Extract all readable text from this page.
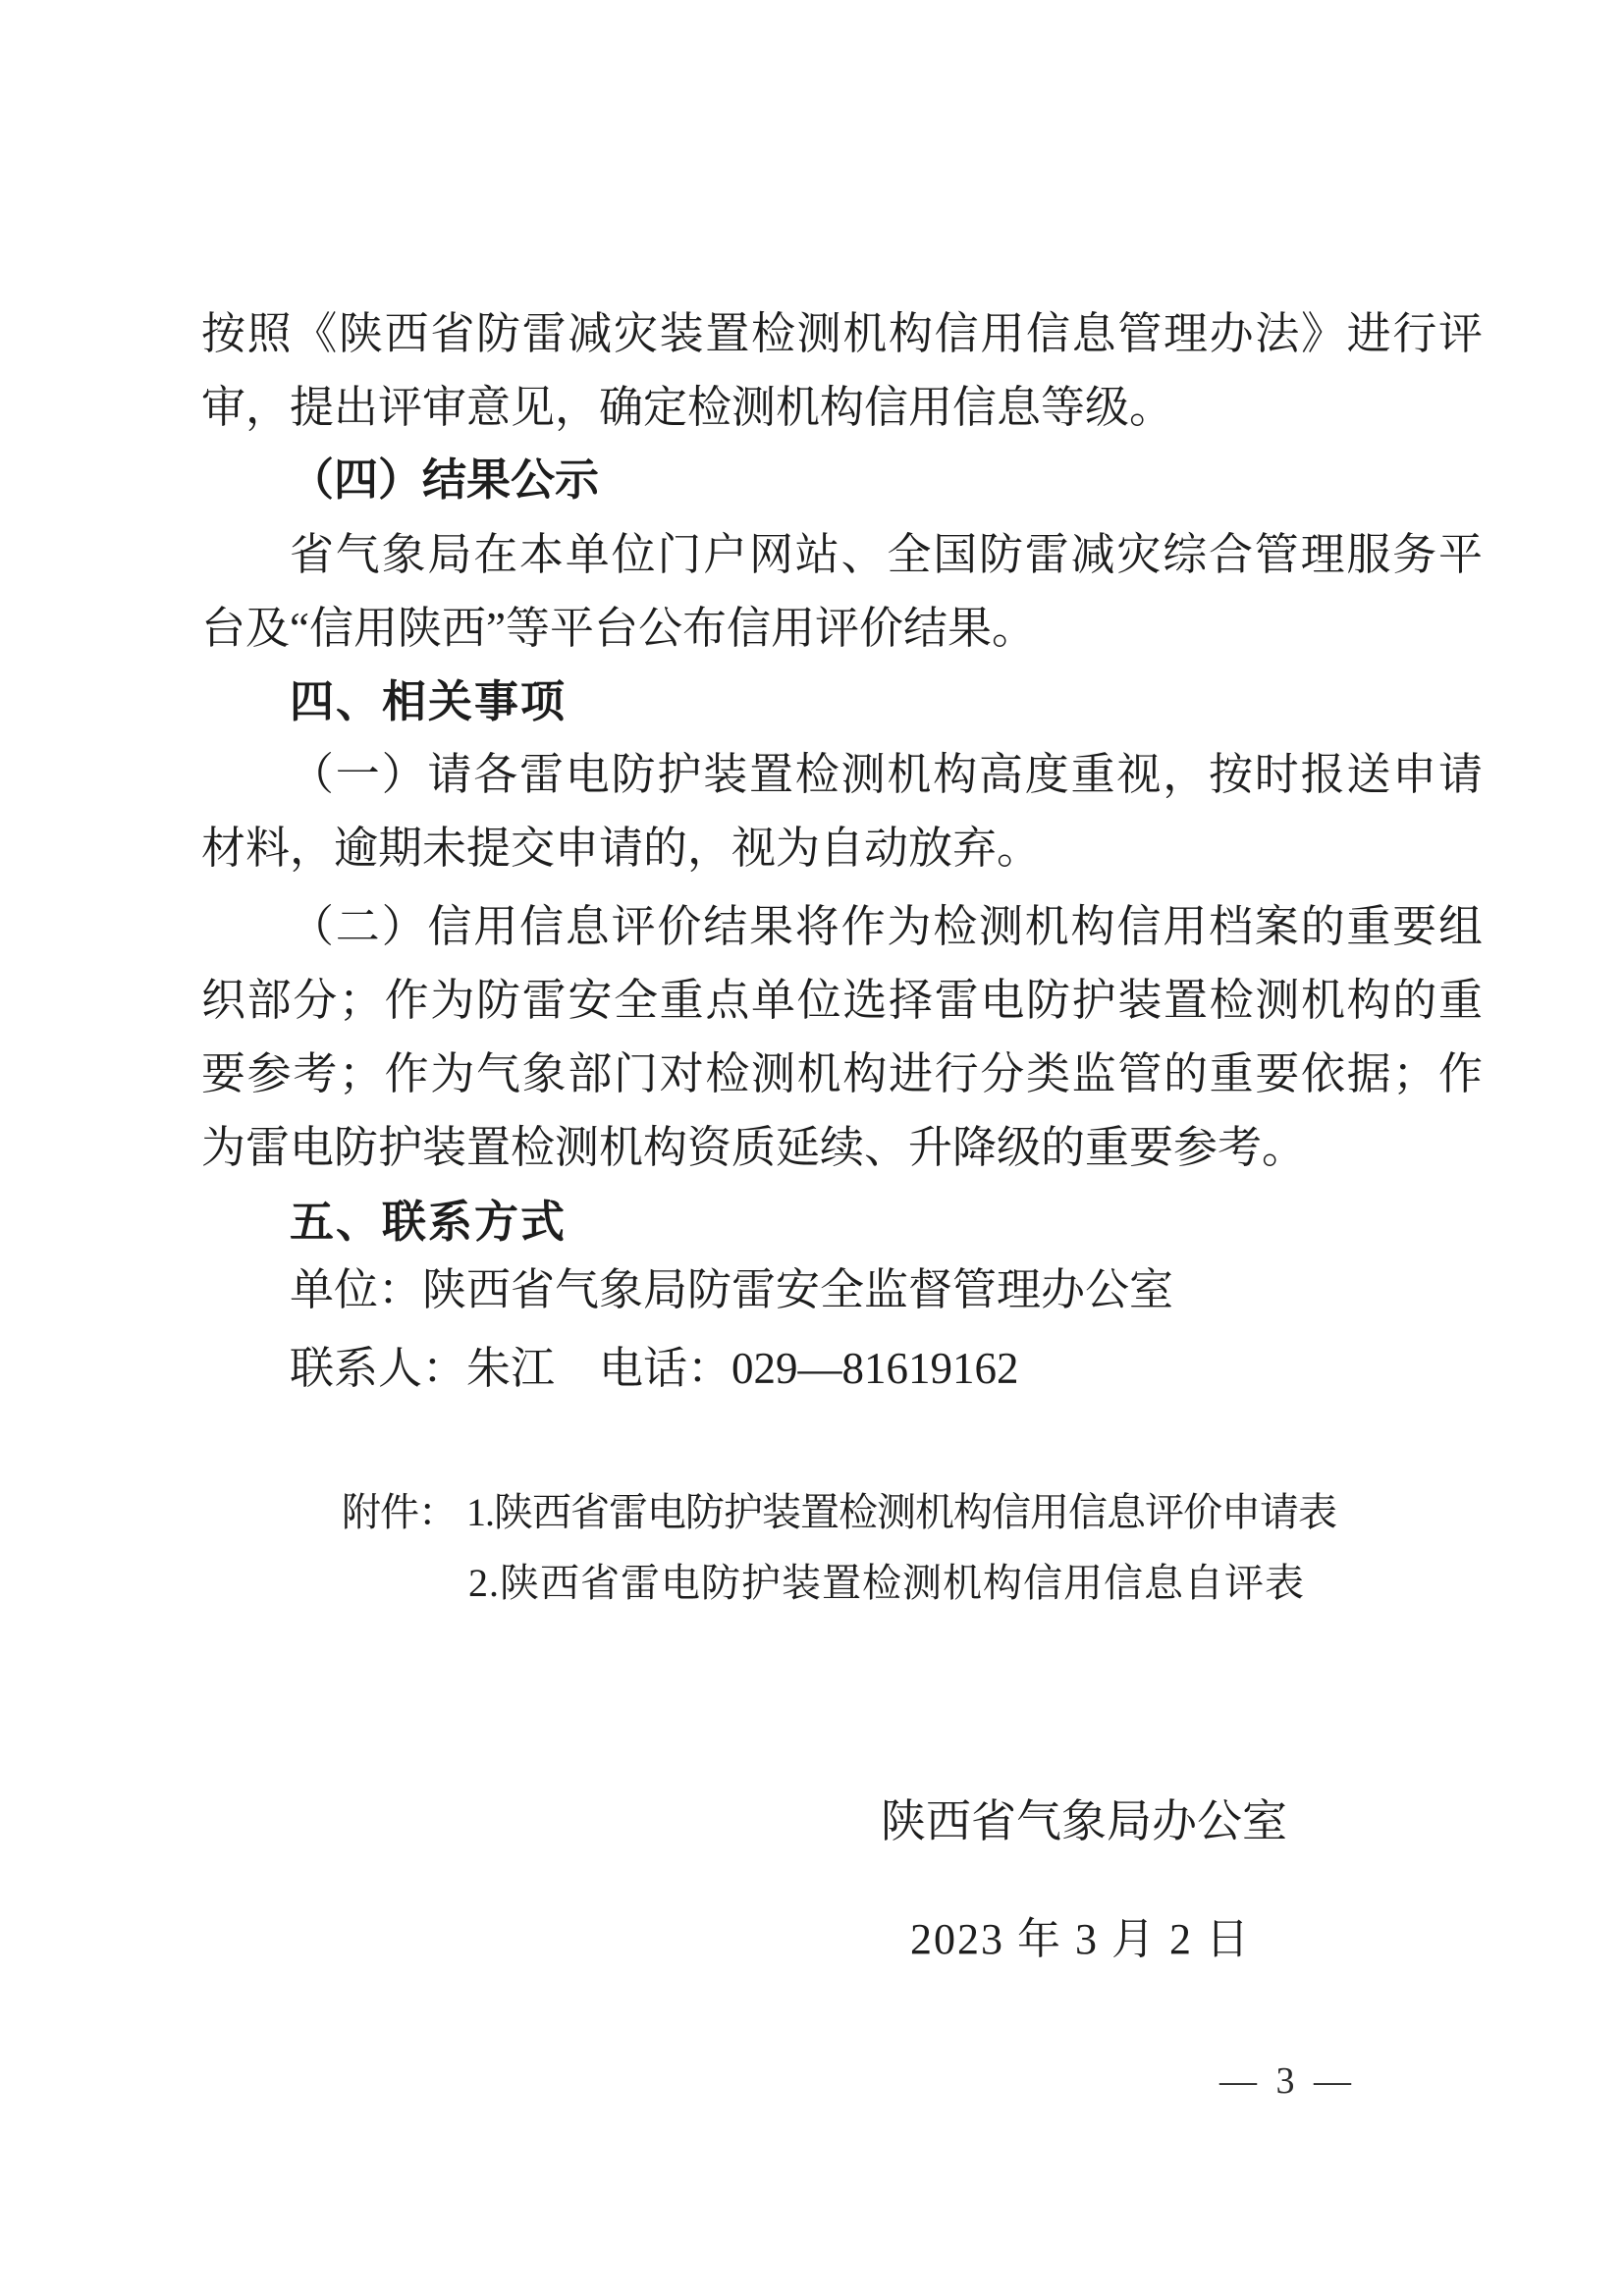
按照《陕西省防雷减灾装置检测机构信用信息管理办法》进行评
审，提出评审意见，确定检测机构信用信息等级。
（四）结果公示
省气象局在本单位门户网站、全国防雷减灾综合管理服务平
台及“信用陕西”等平台公布信用评价结果。
四、相关事项
（一）请各雷电防护装置检测机构高度重视，按时报送申请
材料，逾期未提交申请的，视为自动放弃。
（二）信用信息评价结果将作为检测机构信用档案的重要组
织部分；作为防雷安全重点单位选择雷电防护装置检测机构的重
要参考；作为气象部门对检测机构进行分类监管的重要依据；作
为雷电防护装置检测机构资质延续、升降级的重要参考。
五、联系方式
单位：陕西省气象局防雷安全监督管理办公室
联系人：朱江　电话：029—81619162
附件： 1.陕西省雷电防护装置检测机构信用信息评价申请表
2.陕西省雷电防护装置检测机构信用信息自评表
陕西省气象局办公室
2023 年 3 月 2 日
— 3 —
